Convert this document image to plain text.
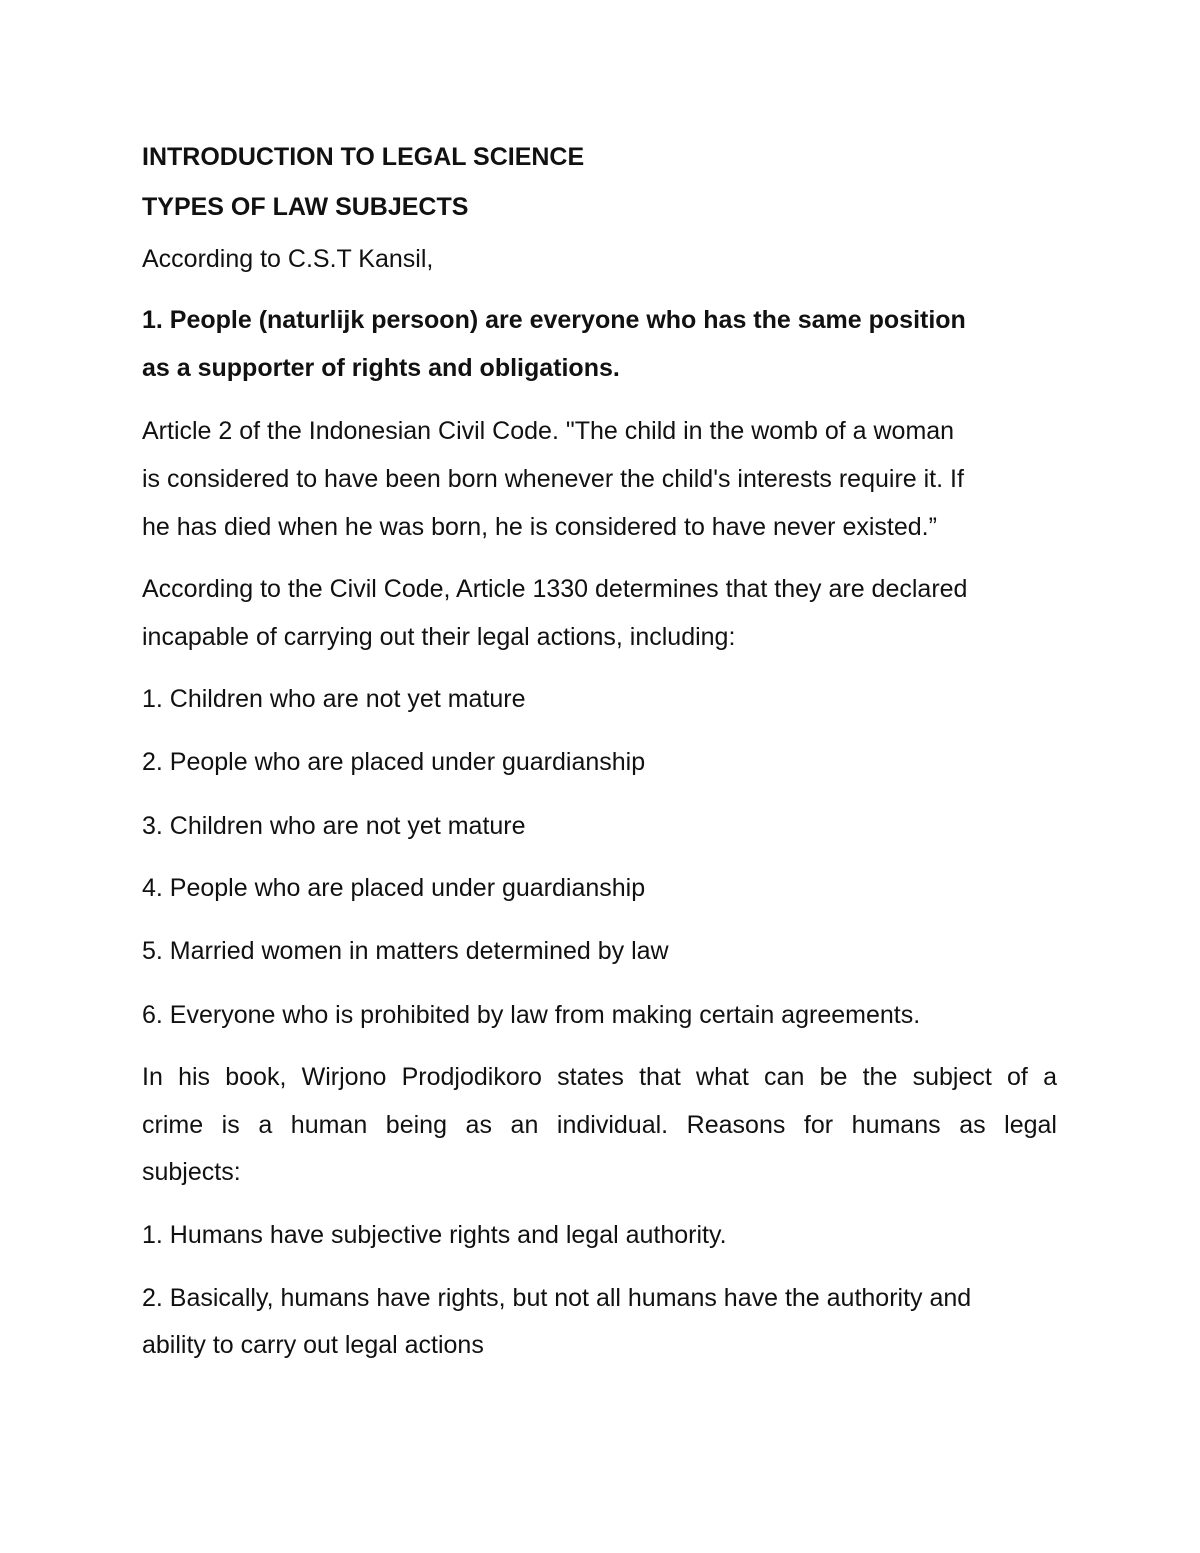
INTRODUCTION TO LEGAL SCIENCE
TYPES OF LAW SUBJECTS
According to C.S.T Kansil,
1. People (naturlijk persoon) are everyone who has the same position
as a supporter of rights and obligations.
Article 2 of the Indonesian Civil Code. "The child in the womb of a woman
is considered to have been born whenever the child's interests require it. If
he has died when he was born, he is considered to have never existed.”
According to the Civil Code, Article 1330 determines that they are declared
incapable of carrying out their legal actions, including:
1. Children who are not yet mature
2. People who are placed under guardianship
3. Children who are not yet mature
4. People who are placed under guardianship
5. Married women in matters determined by law
6. Everyone who is prohibited by law from making certain agreements.
In his book, Wirjono Prodjodikoro states that what can be the subject of a
crime is a human being as an individual. Reasons for humans as legal
subjects:
1. Humans have subjective rights and legal authority.
2. Basically, humans have rights, but not all humans have the authority and
ability to carry out legal actions
